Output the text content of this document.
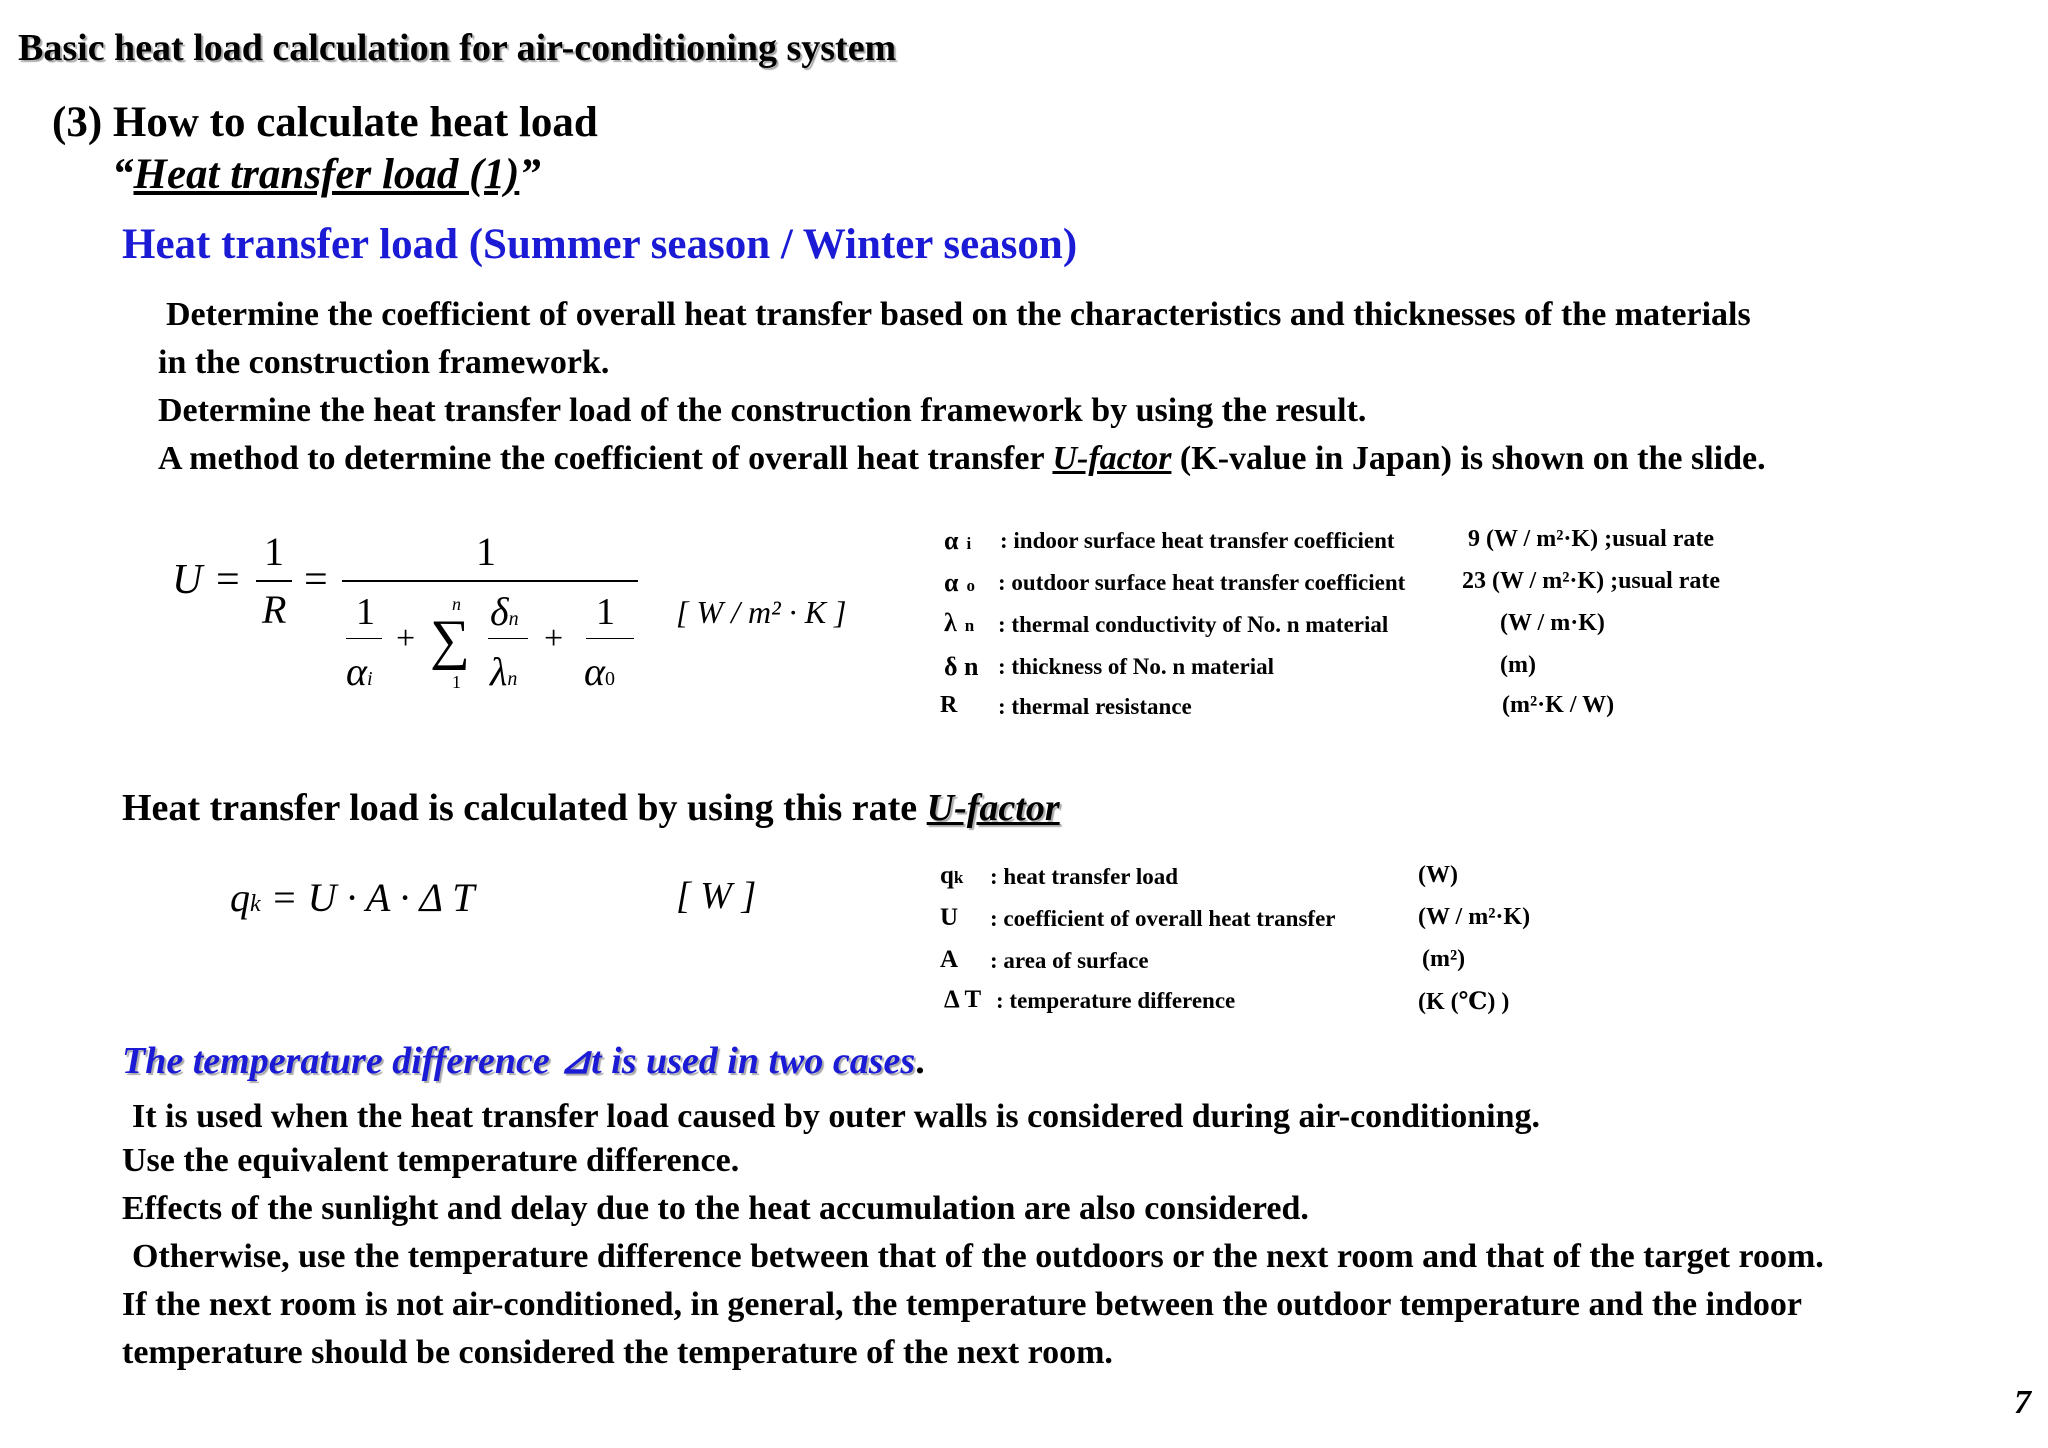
Basic heat load calculation for air-conditioning system
(3) How to calculate heat load
“Heat transfer load (1)”
Heat transfer load (Summer season / Winter season)
Determine the coefficient of overall heat transfer based on the characteristics and thicknesses of the materials
in the construction framework.
Determine the heat transfer load of the construction framework by using the result.
A method to determine the coefficient of overall heat transfer U-factor (K-value in Japan) is shown on the slide.
U =
1
R
=
1
1
αi
+
n
∑
1
δn
λn
+
1
α0
[ W / m² · K ]
αi : indoor surface heat transfer coefficient	9 (W / m²·K) ;usual rate
αo : outdoor surface heat transfer coefficient 23 (W / m²·K) ;usual rate
λn : thermal conductivity of No. n material	(W / m·K)
δ n : thickness of No. n material	(m)
R : thermal resistance	(m²·K / W)
Heat transfer load is calculated by using this rate U-factor
qk = U · A · Δ T	[ W ]	qk : heat transfer load	(W)
U : coefficient of overall heat transfer	(W / m²·K)
A : area of surface	(m²)
Δ T : temperature difference	(K (℃) )
The temperature difference ⊿t is used in two cases.
It is used when the heat transfer load caused by outer walls is considered during air-conditioning.
Use the equivalent temperature difference.
Effects of the sunlight and delay due to the heat accumulation are also considered.
Otherwise, use the temperature difference between that of the outdoors or the next room and that of the target room.
If the next room is not air-conditioned, in general, the temperature between the outdoor temperature and the indoor
temperature should be considered the temperature of the next room.
7
